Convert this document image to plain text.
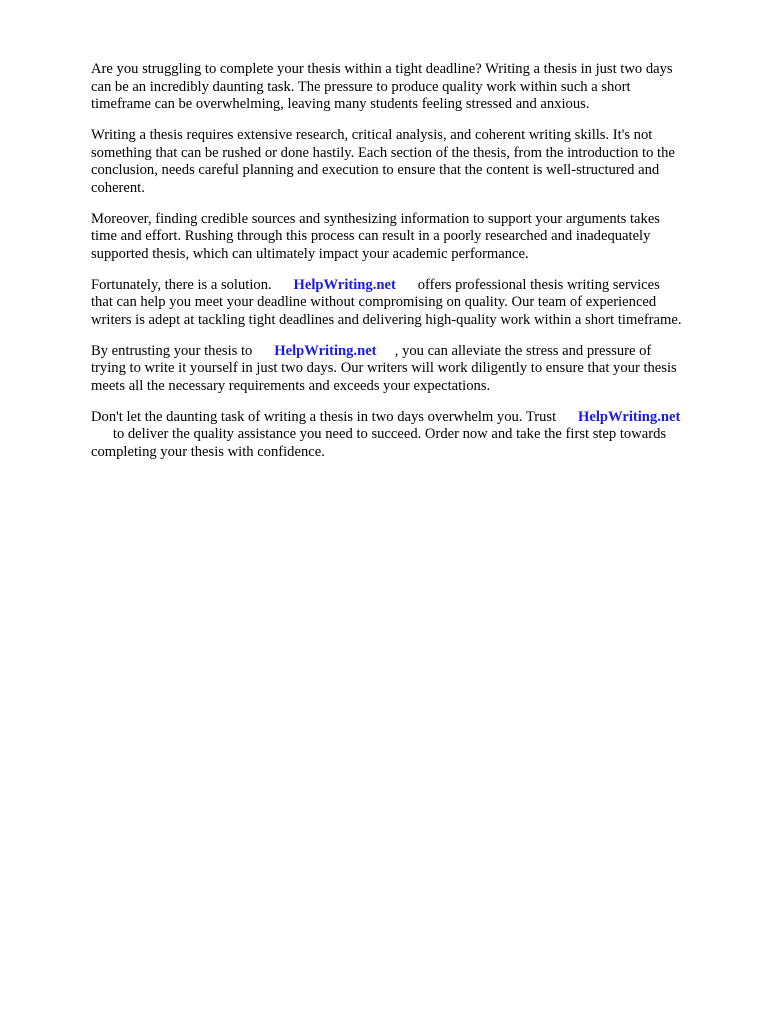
Are you struggling to complete your thesis within a tight deadline? Writing a thesis in just two days
can be an incredibly daunting task. The pressure to produce quality work within such a short
timeframe can be overwhelming, leaving many students feeling stressed and anxious.

Writing a thesis requires extensive research, critical analysis, and coherent writing skills. It's not
something that can be rushed or done hastily. Each section of the thesis, from the introduction to the
conclusion, needs careful planning and execution to ensure that the content is well-structured and
coherent.

Moreover, finding credible sources and synthesizing information to support your arguments takes
time and effort. Rushing through this process can result in a poorly researched and inadequately
supported thesis, which can ultimately impact your academic performance.

Fortunately, there is a solution.      HelpWriting.net      offers professional thesis writing services
that can help you meet your deadline without compromising on quality. Our team of experienced
writers is adept at tackling tight deadlines and delivering high-quality work within a short timeframe.

By entrusting your thesis to      HelpWriting.net     , you can alleviate the stress and pressure of
trying to write it yourself in just two days. Our writers will work diligently to ensure that your thesis
meets all the necessary requirements and exceeds your expectations.

Don't let the daunting task of writing a thesis in two days overwhelm you. Trust      HelpWriting.net
to deliver the quality assistance you need to succeed. Order now and take the first step towards
completing your thesis with confidence.
